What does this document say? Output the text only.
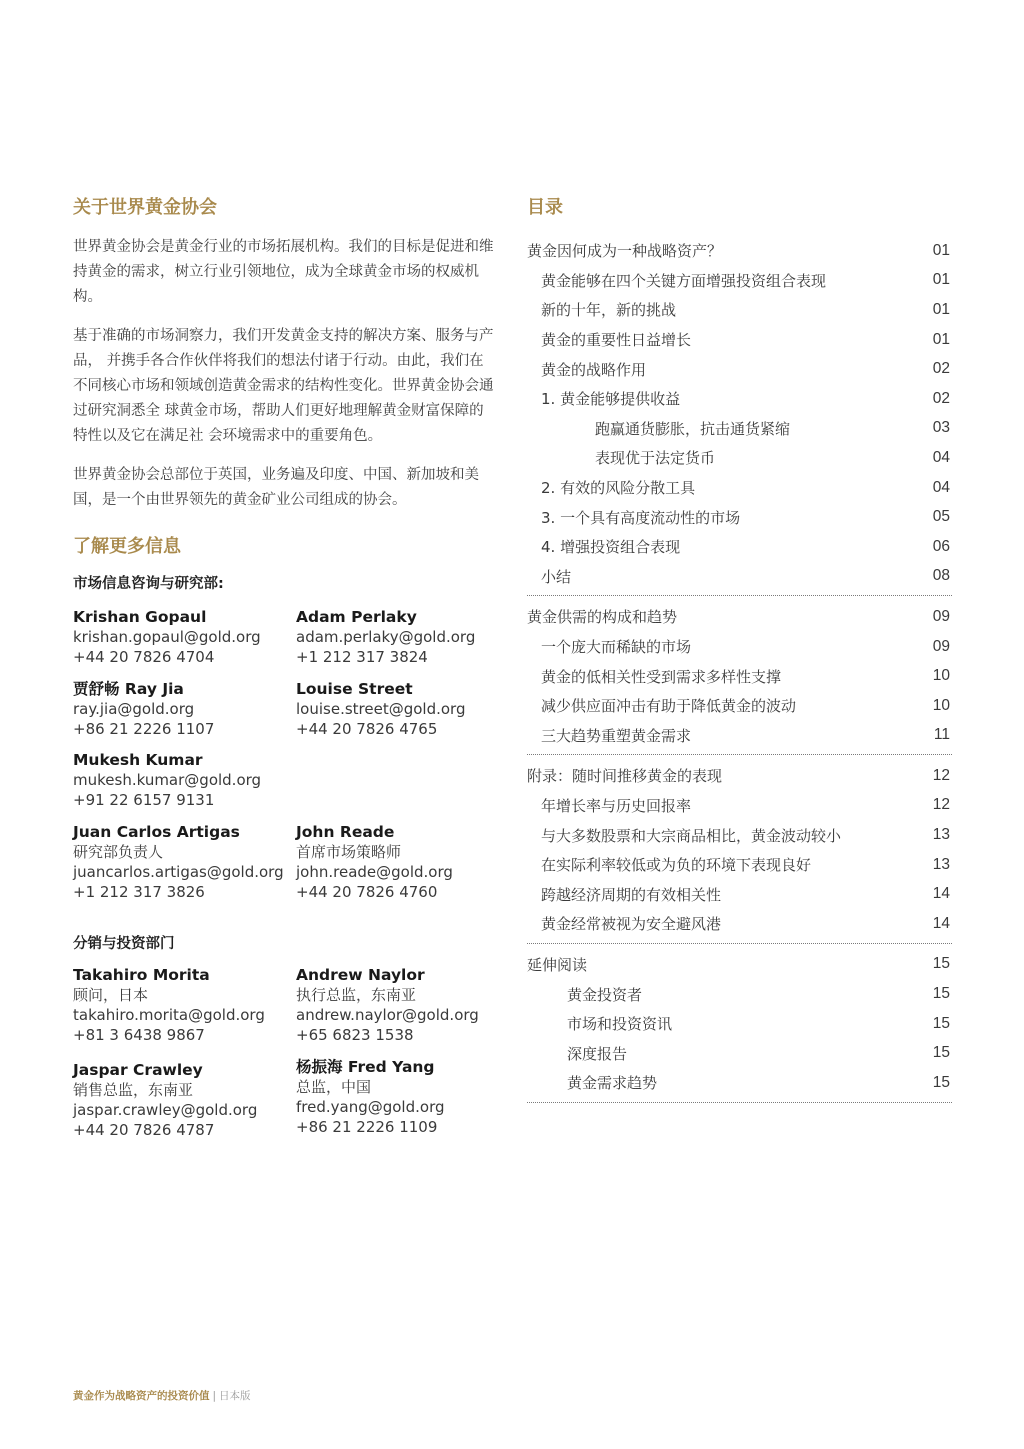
关于世界黄金协会

世界黄金协会是黄金行业的市场拓展机构。我们的目标是促进和维持黄金的需求，树立行业引领地位，成为全球黄金市场的权威机构。

基于准确的市场洞察力，我们开发黄金支持的解决方案、服务与产品， 并携手各合作伙伴将我们的想法付诸于行动。由此，我们在不同核心市场和领域创造黄金需求的结构性变化。世界黄金协会通过研究洞悉全 球黄金市场，帮助人们更好地理解黄金财富保障的特性以及它在满足社 会环境需求中的重要角色。

世界黄金协会总部位于英国，业务遍及印度、中国、新加坡和美国，是一个由世界领先的黄金矿业公司组成的协会。

了解更多信息
市场信息咨询与研究部:
Krishan Gopaul
krishan.gopaul@gold.org
+44 20 7826 4704
Adam Perlaky
adam.perlaky@gold.org
+1 212 317 3824
贾舒畅 Ray Jia
ray.jia@gold.org
+86 21 2226 1107
Louise Street
louise.street@gold.org
+44 20 7826 4765
Mukesh Kumar
mukesh.kumar@gold.org
+91 22 6157 9131
Juan Carlos Artigas
研究部负责人
juancarlos.artigas@gold.org
+1 212 317 3826
John Reade
首席市场策略师
john.reade@gold.org
+44 20 7826 4760
分销与投资部门
Takahiro Morita
顾问，日本
takahiro.morita@gold.org
+81 3 6438 9867
Andrew Naylor
执行总监，东南亚
andrew.naylor@gold.org
+65 6823 1538
Jaspar Crawley
销售总监，东南亚
jaspar.crawley@gold.org
+44 20 7826 4787
杨振海 Fred Yang
总监，中国
fred.yang@gold.org
+86 21 2226 1109
目录
黄金因何成为一种战略资产？	01
黄金能够在四个关键方面增强投资组合表现	01
新的十年，新的挑战	01
黄金的重要性日益增长	01
黄金的战略作用	02
1. 黄金能够提供收益	02
跑赢通货膨胀，抗击通货紧缩	03
表现优于法定货币	04
2. 有效的风险分散工具	04
3. 一个具有高度流动性的市场	05
4. 增强投资组合表现	06
小结	08
黄金供需的构成和趋势	09
一个庞大而稀缺的市场	09
黄金的低相关性受到需求多样性支撑	10
减少供应面冲击有助于降低黄金的波动	10
三大趋势重塑黄金需求	11
附录：随时间推移黄金的表现	12
年增长率与历史回报率	12
与大多数股票和大宗商品相比，黄金波动较小	13
在实际利率较低或为负的环境下表现良好	13
跨越经济周期的有效相关性	14
黄金经常被视为安全避风港	14
延伸阅读	15
黄金投资者	15
市场和投资资讯	15
深度报告	15
黄金需求趋势	15
黄金作为战略资产的投资价值 | 日本版
